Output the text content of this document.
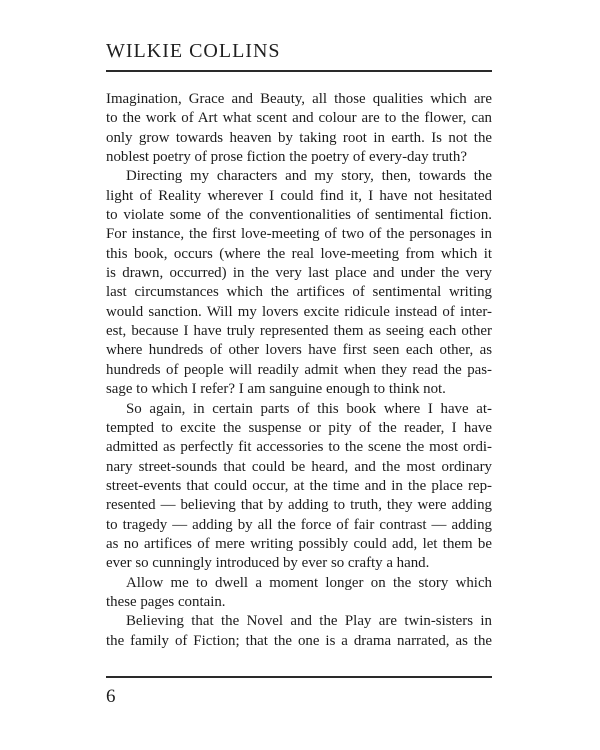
WILKIE COLLINS
Imagination, Grace and Beauty, all those qualities which are
to the work of Art what scent and colour are to the flower, can
only grow towards heaven by taking root in earth. Is not the
noblest poetry of prose fiction the poetry of every-day truth?
Directing my characters and my story, then, towards the
light of Reality wherever I could find it, I have not hesitated
to violate some of the conventionalities of sentimental fiction.
For instance, the first love-meeting of two of the personages in
this book, occurs (where the real love-meeting from which it
is drawn, occurred) in the very last place and under the very
last circumstances which the artifices of sentimental writing
would sanction. Will my lovers excite ridicule instead of inter-
est, because I have truly represented them as seeing each other
where hundreds of other lovers have first seen each other, as
hundreds of people will readily admit when they read the pas-
sage to which I refer? I am sanguine enough to think not.
So again, in certain parts of this book where I have at-
tempted to excite the suspense or pity of the reader, I have
admitted as perfectly fit accessories to the scene the most ordi-
nary street-sounds that could be heard, and the most ordinary
street-events that could occur, at the time and in the place rep-
resented — believing that by adding to truth, they were adding
to tragedy — adding by all the force of fair contrast — adding
as no artifices of mere writing possibly could add, let them be
ever so cunningly introduced by ever so crafty a hand.
Allow me to dwell a moment longer on the story which
these pages contain.
Believing that the Novel and the Play are twin-sisters in
the family of Fiction; that the one is a drama narrated, as the
6
